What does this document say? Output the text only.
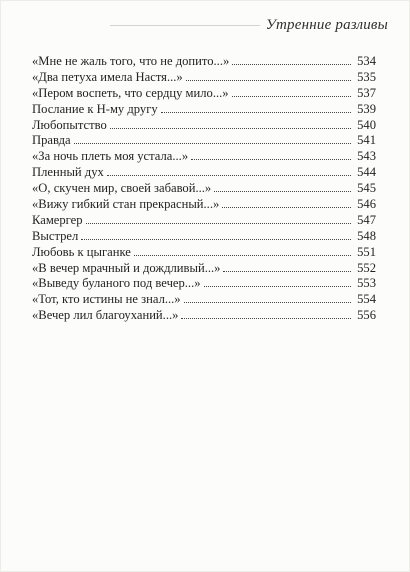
Утренние разливы
«Мне не жаль того, что не допито...»	534
«Два петуха имела Настя...»	535
«Пером воспеть, что сердцу мило...»	537
Послание к Н-му другу	539
Любопытство	540
Правда	541
«За ночь плеть моя устала...»	543
Пленный дух	544
«О, скучен мир, своей забавой...»	545
«Вижу гибкий стан прекрасный...»	546
Камергер	547
Выстрел	548
Любовь к цыганке	551
«В вечер мрачный и дождливый...»	552
«Выведу буланого под вечер...»	553
«Тот, кто истины не знал...»	554
«Вечер лил благоуханий...»	556
